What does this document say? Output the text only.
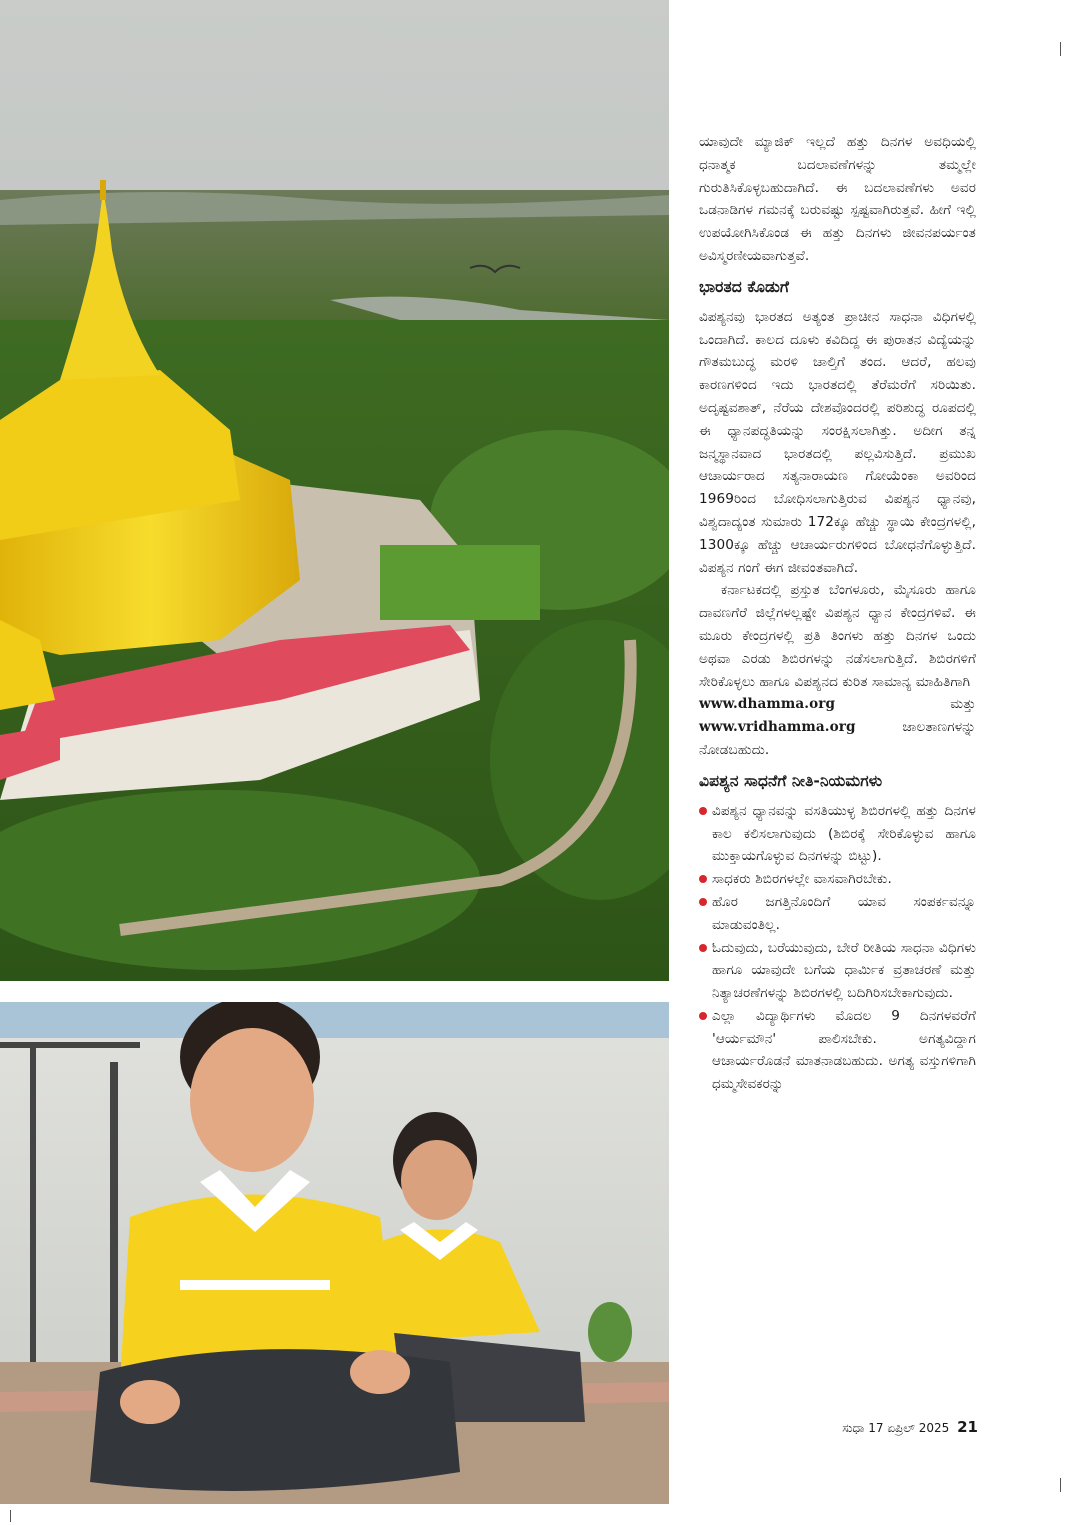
ಯಾವುದೇ ಮ್ಯಾಜಿಕ್ ಇಲ್ಲದೆ ಹತ್ತು ದಿನಗಳ ಅವಧಿಯಲ್ಲಿ ಧನಾತ್ಮಕ ಬದಲಾವಣೆಗಳನ್ನು ತಮ್ಮಲ್ಲೇ ಗುರುತಿಸಿಕೊಳ್ಳಬಹುದಾಗಿದೆ. ಈ ಬದಲಾವಣೆಗಳು ಅವರ ಒಡನಾಡಿಗಳ ಗಮನಕ್ಕೆ ಬರುವಷ್ಟು ಸ್ಪಷ್ಟವಾಗಿರುತ್ತವೆ. ಹೀಗೆ ಇಲ್ಲಿ ಉಪಯೋಗಿಸಿಕೊಂಡ ಈ ಹತ್ತು ದಿನಗಳು ಜೀವನಪರ್ಯಂತ ಅವಿಸ್ಮರಣೀಯವಾಗುತ್ತವೆ.

ಭಾರತದ ಕೊಡುಗೆ

ವಿಪಶ್ಯನವು ಭಾರತದ ಅತ್ಯಂತ ಪ್ರಾಚೀನ ಸಾಧನಾ ವಿಧಿಗಳಲ್ಲಿ ಒಂದಾಗಿದೆ. ಕಾಲದ ದೂಳು ಕವಿದಿದ್ದ ಈ ಪುರಾತನ ವಿದ್ಯೆಯನ್ನು ಗೌತಮಬುದ್ಧ ಮರಳಿ ಚಾಲ್ತಿಗೆ ತಂದ. ಆದರೆ, ಹಲವು ಕಾರಣಗಳಿಂದ ಇದು ಭಾರತದಲ್ಲಿ ತೆರೆಮರೆಗೆ ಸರಿಯಿತು. ಅದೃಷ್ಟವಶಾತ್, ನೆರೆಯ ದೇಶವೊಂದರಲ್ಲಿ ಪರಿಶುದ್ಧ ರೂಪದಲ್ಲಿ ಈ ಧ್ಯಾನಪದ್ಧತಿಯನ್ನು ಸಂರಕ್ಷಿಸಲಾಗಿತ್ತು. ಅದೀಗ ತನ್ನ ಜನ್ಮಸ್ಥಾನವಾದ ಭಾರತದಲ್ಲಿ ಪಲ್ಲವಿಸುತ್ತಿದೆ. ಪ್ರಮುಖ ಆಚಾರ್ಯರಾದ ಸತ್ಯನಾರಾಯಣ ಗೋಯೆಂಕಾ ಅವರಿಂದ 1969ರಿಂದ ಬೋಧಿಸಲಾಗುತ್ತಿರುವ ವಿಪಶ್ಯನ ಧ್ಯಾನವು, ವಿಶ್ವದಾದ್ಯಂತ ಸುಮಾರು 172ಕ್ಕೂ ಹೆಚ್ಚು ಸ್ಥಾಯಿ ಕೇಂದ್ರಗಳಲ್ಲಿ, 1300ಕ್ಕೂ ಹೆಚ್ಚು ಆಚಾರ್ಯರುಗಳಿಂದ ಬೋಧನೆಗೊಳ್ಳುತ್ತಿದೆ. ವಿಪಶ್ಯನ ಗಂಗೆ ಈಗ ಜೀವಂತವಾಗಿದೆ.

ಕರ್ನಾಟಕದಲ್ಲಿ ಪ್ರಸ್ತುತ ಬೆಂಗಳೂರು, ಮೈಸೂರು ಹಾಗೂ ದಾವಣಗೆರೆ ಜಿಲ್ಲೆಗಳಲ್ಲಷ್ಟೇ ವಿಪಶ್ಯನ ಧ್ಯಾನ ಕೇಂದ್ರಗಳಿವೆ. ಈ ಮೂರು ಕೇಂದ್ರಗಳಲ್ಲಿ ಪ್ರತಿ ತಿಂಗಳು ಹತ್ತು ದಿನಗಳ ಒಂದು ಅಥವಾ ಎರಡು ಶಿಬಿರಗಳನ್ನು ನಡೆಸಲಾಗುತ್ತಿದೆ. ಶಿಬಿರಗಳಿಗೆ ಸೇರಿಕೊಳ್ಳಲು ಹಾಗೂ ವಿಪಶ್ಯನದ ಕುರಿತ ಸಾಮಾನ್ಯ ಮಾಹಿತಿಗಾಗಿ

www.dhamma.org	ಮತ್ತು
www.vridhamma.org	ಜಾಲತಾಣಗಳನ್ನು

ನೋಡಬಹುದು.

ವಿಪಶ್ಯನ ಸಾಧನೆಗೆ ನೀತಿ-ನಿಯಮಗಳು
ವಿಪಶ್ಯನ ಧ್ಯಾನವನ್ನು ವಸತಿಯುಳ್ಳ ಶಿಬಿರಗಳಲ್ಲಿ ಹತ್ತು ದಿನಗಳ ಕಾಲ ಕಲಿಸಲಾಗುವುದು (ಶಿಬಿರಕ್ಕೆ ಸೇರಿಕೊಳ್ಳುವ ಹಾಗೂ ಮುಕ್ತಾಯಗೊಳ್ಳುವ ದಿನಗಳನ್ನು ಬಿಟ್ಟು).
ಸಾಧಕರು ಶಿಬಿರಗಳಲ್ಲೇ ವಾಸವಾಗಿರಬೇಕು.
ಹೊರ ಜಗತ್ತಿನೊಂದಿಗೆ ಯಾವ ಸಂಪರ್ಕವನ್ನೂ ಮಾಡುವಂತಿಲ್ಲ.
ಓದುವುದು, ಬರೆಯುವುದು, ಬೇರೆ ರೀತಿಯ ಸಾಧನಾ ವಿಧಿಗಳು ಹಾಗೂ ಯಾವುದೇ ಬಗೆಯ ಧಾರ್ಮಿಕ ವ್ರತಾಚರಣೆ ಮತ್ತು ನಿತ್ಯಾಚರಣೆಗಳನ್ನು ಶಿಬಿರಗಳಲ್ಲಿ ಬದಿಗಿರಿಸಬೇಕಾಗುವುದು.
ಎಲ್ಲಾ ವಿದ್ಯಾರ್ಥಿಗಳು ಮೊದಲ 9 ದಿನಗಳವರೆಗೆ 'ಆರ್ಯಮೌನ' ಪಾಲಿಸಬೇಕು. ಅಗತ್ಯವಿದ್ದಾಗ ಆಚಾರ್ಯರೊಡನೆ ಮಾತನಾಡಬಹುದು. ಅಗತ್ಯ ವಸ್ತುಗಳಿಗಾಗಿ ಧಮ್ಮಸೇವಕರನ್ನು
ಸುಧಾ 17 ಏಪ್ರಿಲ್ 2025 21
